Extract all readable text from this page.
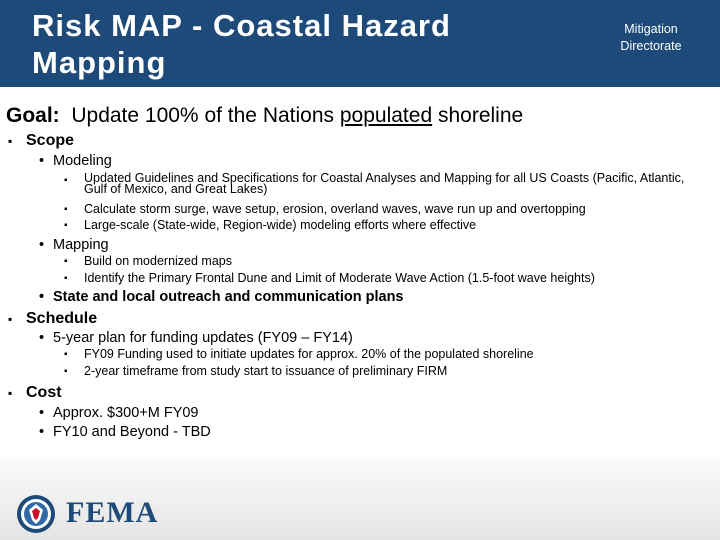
Risk MAP - Coastal Hazard
Mapping
Mitigation
Directorate
Goal: Update 100% of the Nations populated shoreline
▪ Scope
• Modeling
▪ Updated Guidelines and Specifications for Coastal Analyses and Mapping for all US Coasts (Pacific, Atlantic, Gulf of Mexico, and Great Lakes)
▪ Calculate storm surge, wave setup, erosion, overland waves, wave run up and overtopping
▪ Large-scale (State-wide, Region-wide) modeling efforts where effective
• Mapping
▪ Build on modernized maps
▪ Identify the Primary Frontal Dune and Limit of Moderate Wave Action (1.5-foot wave heights)
• State and local outreach and communication plans
▪ Schedule
• 5-year plan for funding updates (FY09 – FY14)
▪ FY09 Funding used to initiate updates for approx. 20% of the populated shoreline
▪ 2-year timeframe from study start to issuance of preliminary FIRM
▪ Cost
• Approx. $300+M FY09
• FY10 and Beyond - TBD
FEMA
